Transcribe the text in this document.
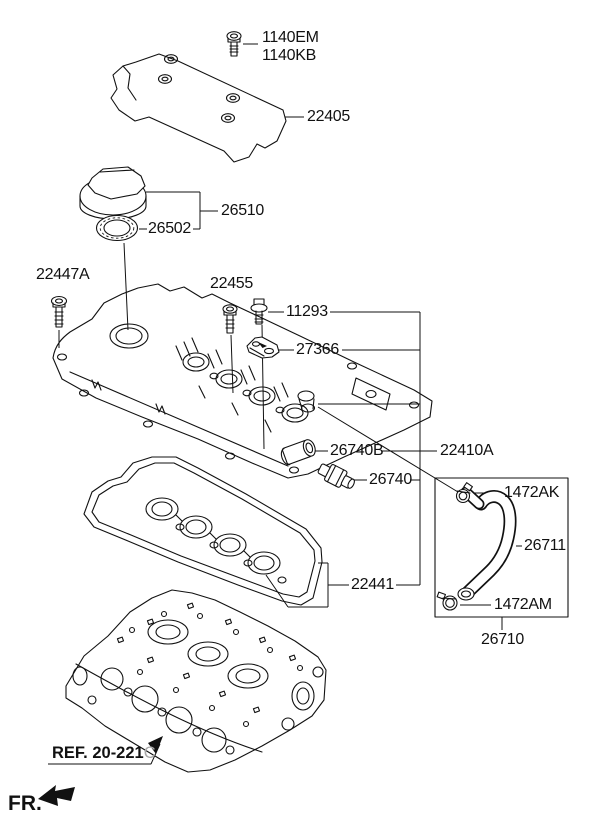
1140EM
1140KB
22405
26510
26502
22447A
22455
11293
27366
26740B	22410A
26740
1472AK
26711
1472AM
26710
22441
REF. 20-221C
FR.
